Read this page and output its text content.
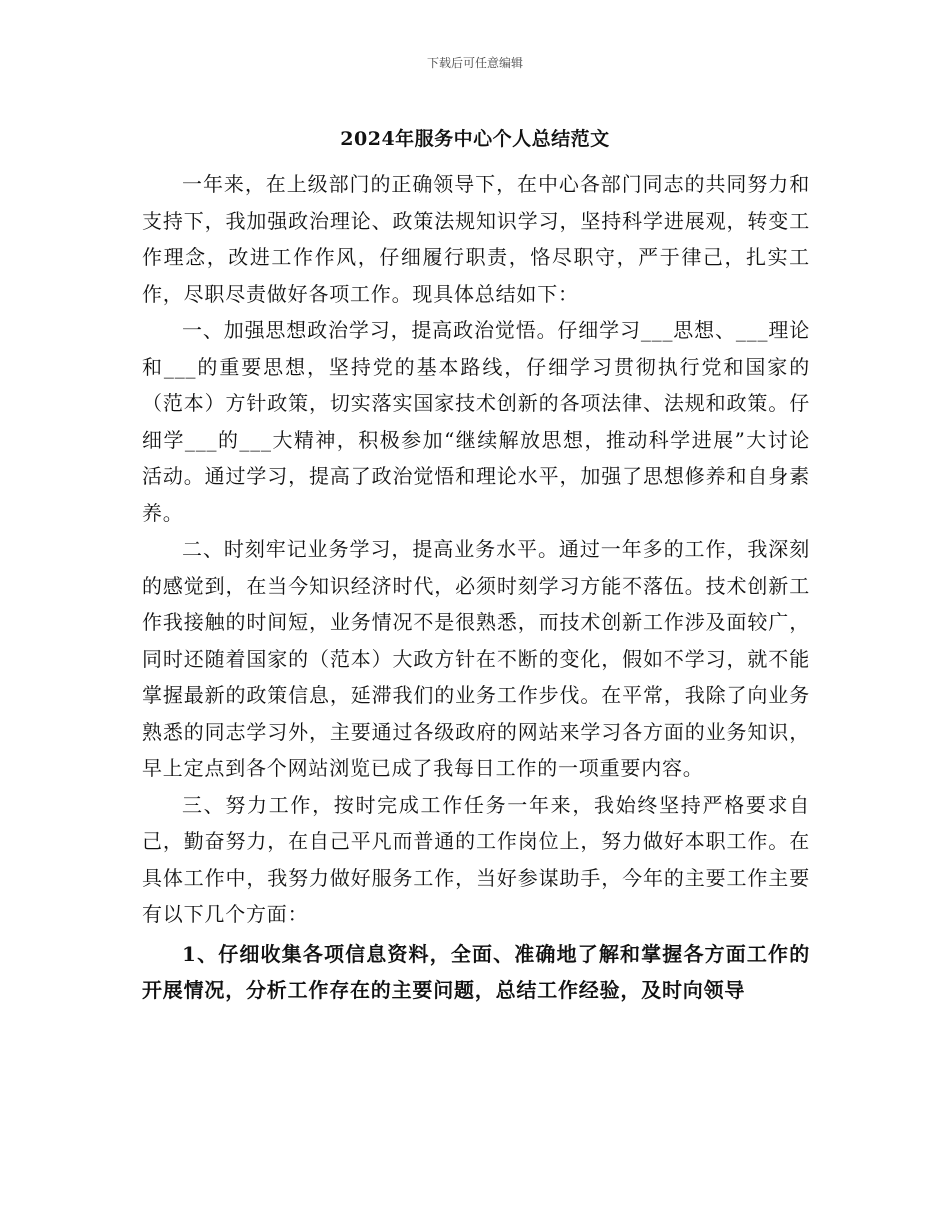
下载后可任意编辑
2024年服务中心个人总结范文

一年来，在上级部门的正确领导下，在中心各部门同志的共同努力和支持下，我加强政治理论、政策法规知识学习，坚持科学进展观，转变工作理念，改进工作作风，仔细履行职责，恪尽职守，严于律己，扎实工作，尽职尽责做好各项工作。现具体总结如下：

一、加强思想政治学习，提高政治觉悟。仔细学习___思想、___理论和___的重要思想，坚持党的基本路线，仔细学习贯彻执行党和国家的（范本）方针政策，切实落实国家技术创新的各项法律、法规和政策。仔细学___的___大精神，积极参加“继续解放思想，推动科学进展”大讨论活动。通过学习，提高了政治觉悟和理论水平，加强了思想修养和自身素养。

二、时刻牢记业务学习，提高业务水平。通过一年多的工作，我深刻的感觉到，在当今知识经济时代，必须时刻学习方能不落伍。技术创新工作我接触的时间短，业务情况不是很熟悉，而技术创新工作涉及面较广，同时还随着国家的（范本）大政方针在不断的变化，假如不学习，就不能掌握最新的政策信息，延滞我们的业务工作步伐。在平常，我除了向业务熟悉的同志学习外，主要通过各级政府的网站来学习各方面的业务知识，早上定点到各个网站浏览已成了我每日工作的一项重要内容。

三、努力工作，按时完成工作任务一年来，我始终坚持严格要求自己，勤奋努力，在自己平凡而普通的工作岗位上，努力做好本职工作。在具体工作中，我努力做好服务工作，当好参谋助手，今年的主要工作主要有以下几个方面：

1、仔细收集各项信息资料，全面、准确地了解和掌握各方面工作的开展情况，分析工作存在的主要问题，总结工作经验，及时向领导
